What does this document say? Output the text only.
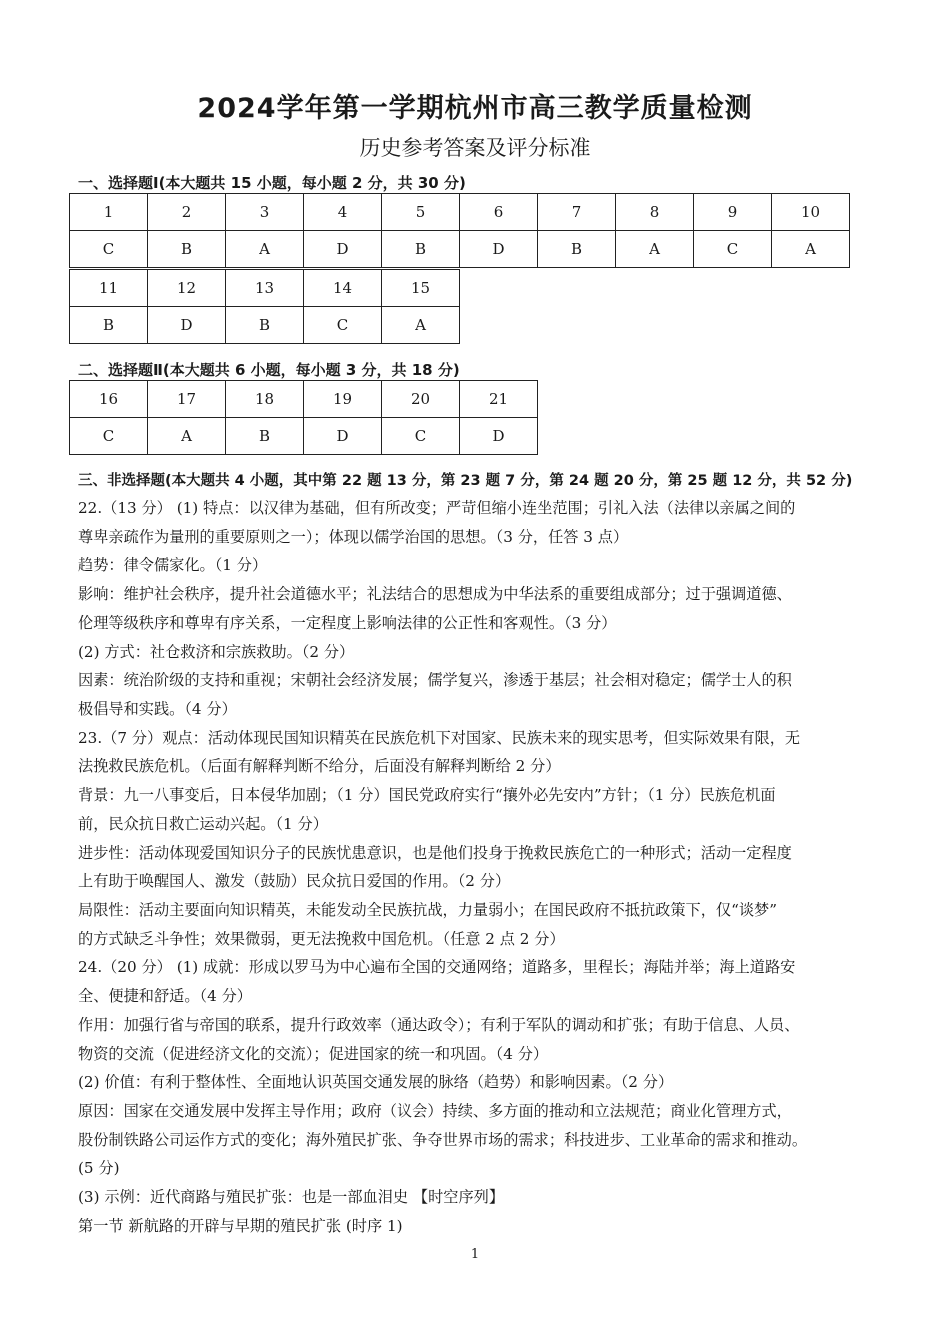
2024学年第一学期杭州市高三教学质量检测
历史参考答案及评分标准
一、选择题Ⅰ(本大题共 15 小题，每小题 2 分，共 30 分)
1	2	3	4	5	6	7	8	9	10
C	B	A	D	B	D	B	A	C	A
11	12	13	14	15
B	D	B	C	A
二、选择题Ⅱ(本大题共 6 小题，每小题 3 分，共 18 分)
16	17	18	19	20	21
C	A	B	D	C	D
三、非选择题(本大题共 4 小题，其中第 22 题 13 分，第 23 题 7 分，第 24 题 20 分，第 25 题 12 分，共 52 分)
22.（13 分） (1) 特点：以汉律为基础，但有所改变；严苛但缩小连坐范围；引礼入法（法律以亲属之间的
尊卑亲疏作为量刑的重要原则之一）；体现以儒学治国的思想。（3 分，任答 3 点）
趋势：律令儒家化。（1 分）
影响：维护社会秩序，提升社会道德水平；礼法结合的思想成为中华法系的重要组成部分；过于强调道德、
伦理等级秩序和尊卑有序关系，一定程度上影响法律的公正性和客观性。（3 分）
(2) 方式：社仓救济和宗族救助。（2 分）
因素：统治阶级的支持和重视；宋朝社会经济发展；儒学复兴，渗透于基层；社会相对稳定；儒学士人的积
极倡导和实践。（4 分）
23.（7 分）观点：活动体现民国知识精英在民族危机下对国家、民族未来的现实思考，但实际效果有限，无
法挽救民族危机。（后面有解释判断不给分，后面没有解释判断给 2 分）
背景：九一八事变后，日本侵华加剧；（1 分）国民党政府实行“攘外必先安内”方针；（1 分）民族危机面
前，民众抗日救亡运动兴起。（1 分）
进步性：活动体现爱国知识分子的民族忧患意识，也是他们投身于挽救民族危亡的一种形式；活动一定程度
上有助于唤醒国人、激发（鼓励）民众抗日爱国的作用。（2 分）
局限性：活动主要面向知识精英，未能发动全民族抗战，力量弱小；在国民政府不抵抗政策下，仅“谈梦”
的方式缺乏斗争性；效果微弱，更无法挽救中国危机。（任意 2 点 2 分）
24.（20 分） (1) 成就：形成以罗马为中心遍布全国的交通网络；道路多，里程长；海陆并举；海上道路安
全、便捷和舒适。（4 分）
作用：加强行省与帝国的联系，提升行政效率（通达政令）；有利于军队的调动和扩张；有助于信息、人员、
物资的交流（促进经济文化的交流）；促进国家的统一和巩固。（4 分）
(2) 价值：有利于整体性、全面地认识英国交通发展的脉络（趋势）和影响因素。（2 分）
原因：国家在交通发展中发挥主导作用；政府（议会）持续、多方面的推动和立法规范；商业化管理方式，
股份制铁路公司运作方式的变化；海外殖民扩张、争夺世界市场的需求；科技进步、工业革命的需求和推动。
(5 分)
(3) 示例：近代商路与殖民扩张：也是一部血泪史 【时空序列】
第一节 新航路的开辟与早期的殖民扩张 (时序 1)
1
